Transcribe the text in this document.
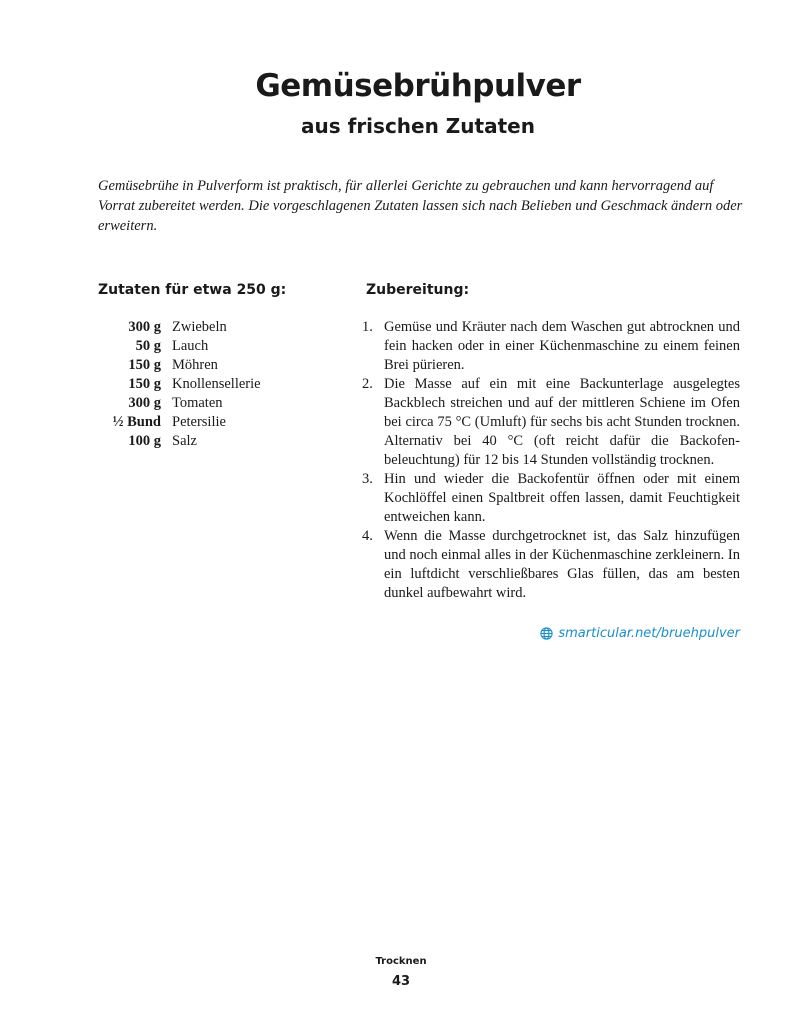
Gemüsebrühpulver
aus frischen Zutaten

Gemüsebrühe in Pulverform ist praktisch, für allerlei Gerichte zu gebrauchen und kann hervorragend auf Vorrat zubereitet werden. Die vorgeschlagenen Zutaten lassen sich nach Belieben und Geschmack ändern oder erweitern.

Zutaten für etwa 250 g:	Zubereitung:
300 g	Zwiebeln
50 g	Lauch
150 g	Möhren
150 g	Knollensellerie
300 g	Tomaten
½ Bund	Petersilie
100 g	Salz
1. Gemüse und Kräuter nach dem Waschen gut abtrocknen und fein hacken oder in einer Küchenmaschine zu einem feinen Brei pürieren.
2. Die Masse auf ein mit eine Backunterlage ausgelegtes Backblech streichen und auf der mittleren Schiene im Ofen bei circa 75 °C (Umluft) für sechs bis acht Stunden trocknen. Alternativ bei 40 °C (oft reicht dafür die Backofenbeleuchtung) für 12 bis 14 Stunden vollständig trocknen.
3. Hin und wieder die Backofentür öffnen oder mit einem Kochlöffel einen Spaltbreit offen lassen, damit Feuchtigkeit entweichen kann.
4. Wenn die Masse durchgetrocknet ist, das Salz hinzufügen und noch einmal alles in der Küchenmaschine zerkleinern. In ein luftdicht verschließbares Glas füllen, das am besten dunkel aufbewahrt wird.
smarticular.net/bruehpulver
Trocknen
43
